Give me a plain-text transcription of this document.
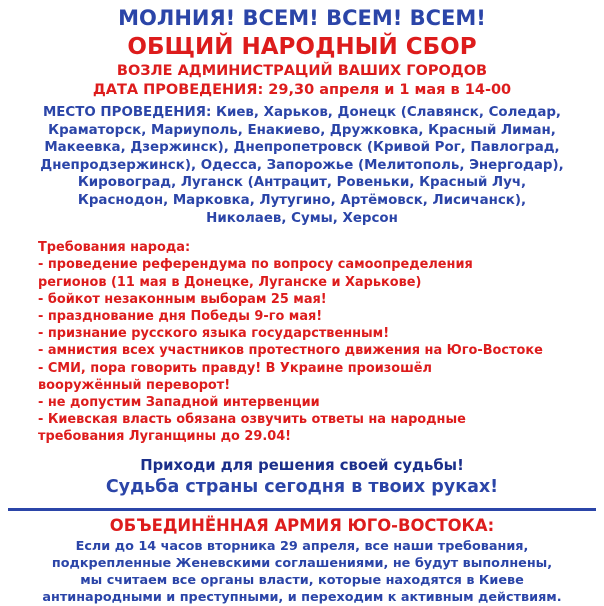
МОЛНИЯ! ВСЕМ! ВСЕМ! ВСЕМ!
ОБЩИЙ НАРОДНЫЙ СБОР
ВОЗЛЕ АДМИНИСТРАЦИЙ ВАШИХ ГОРОДОВ
ДАТА ПРОВЕДЕНИЯ: 29,30 апреля и 1 мая в 14-00
МЕСТО ПРОВЕДЕНИЯ: Киев, Харьков, Донецк (Славянск, Соледар,
Краматорск, Мариуполь, Енакиево, Дружковка, Красный Лиман,
Макеевка, Дзержинск), Днепропетровск (Кривой Рог, Павлоград,
Днепродзержинск), Одесса, Запорожье (Мелитополь, Энергодар),
Кировоград, Луганск (Антрацит, Ровеньки, Красный Луч,
Краснодон, Марковка, Лутугино, Артёмовск, Лисичанск),
Николаев, Сумы, Херсон
Требования народа:
- проведение референдума по вопросу самоопределения
регионов (11 мая в Донецке, Луганске и Харькове)
- бойкот незаконным выборам 25 мая!
- празднование дня Победы 9-го мая!
- признание русского языка государственным!
- амнистия всех участников протестного движения на Юго-Востоке
- СМИ, пора говорить правду! В Украине произошёл
вооружённый переворот!
- не допустим Западной интервенции
- Киевская власть обязана озвучить ответы на народные
требования Луганщины до 29.04!
Приходи для решения своей судьбы!
Судьба страны сегодня в твоих руках!
ОБЪЕДИНЁННАЯ АРМИЯ ЮГО-ВОСТОКА:
Если до 14 часов вторника 29 апреля, все наши требования,
подкрепленные Женевскими соглашениями, не будут выполнены,
мы считаем все органы власти, которые находятся в Киеве
антинародными и преступными, и переходим к активным действиям.
